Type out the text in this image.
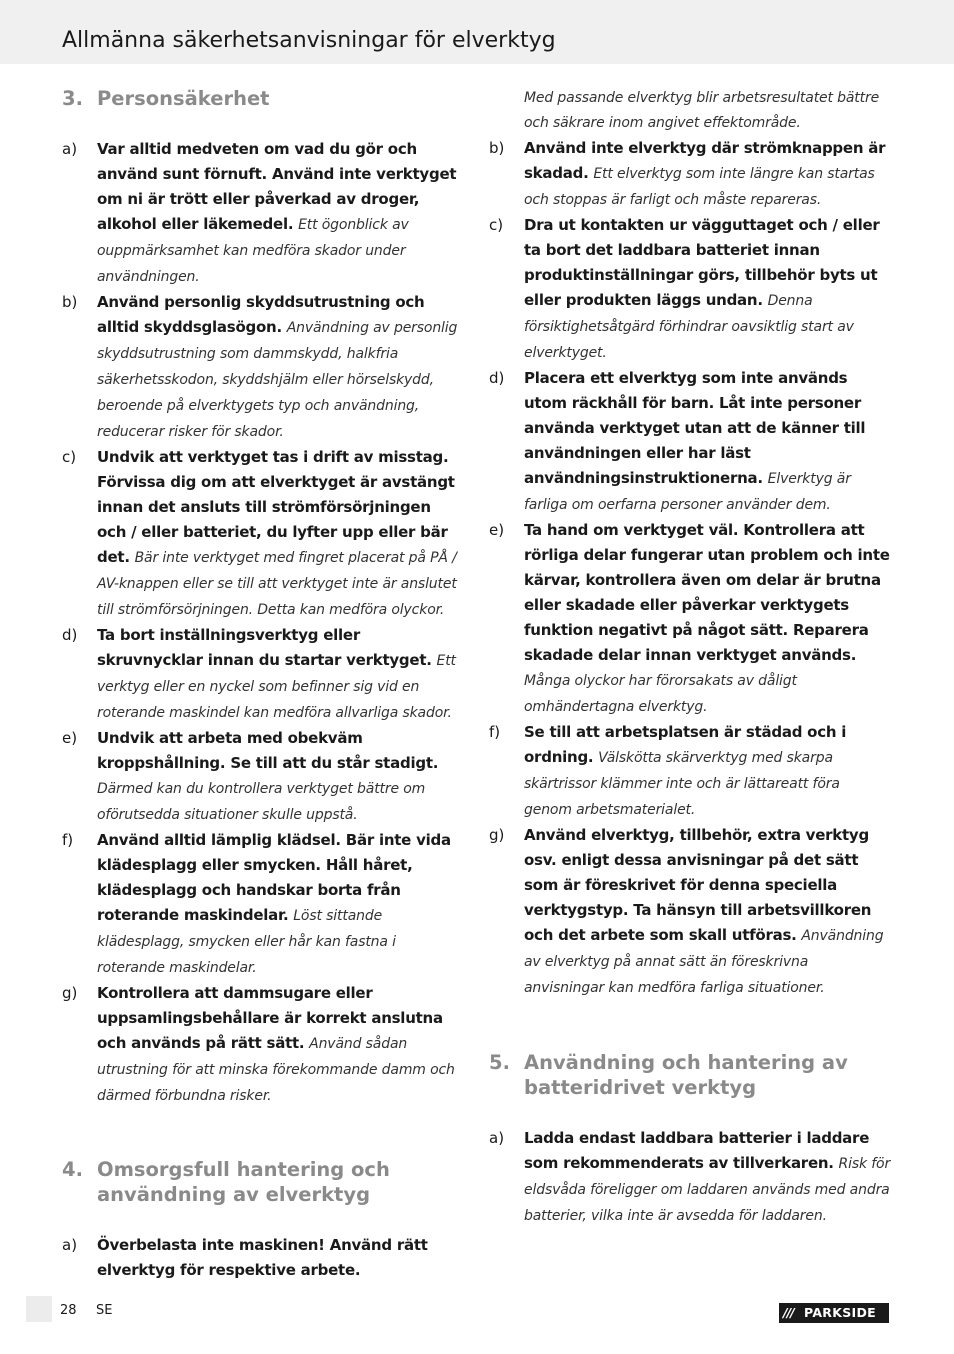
Allmänna säkerhetsanvisningar för elverktyg
3. Personsäkerhet
a) Var alltid medveten om vad du gör och använd sunt förnuft. Använd inte verktyget om ni är trött eller påverkad av droger, alkohol eller läkemedel. Ett ögonblick av ouppmärksamhet kan medföra skador under användningen.
b) Använd personlig skyddsutrustning och alltid skyddsglasögon. Användning av personlig skyddsutrustning som dammskydd, halkfria säkerhetsskodon, skyddshjälm eller hörselskydd, beroende på elverktygets typ och användning, reducerar risker för skador.
c) Undvik att verktyget tas i drift av misstag. Förvissa dig om att elverktyget är avstängt innan det ansluts till strömförsörjningen och / eller batteriet, du lyfter upp eller bär det. Bär inte verktyget med fingret placerat på PÅ / AV-knappen eller se till att verktyget inte är anslutet till strömförsörjningen. Detta kan medföra olyckor.
d) Ta bort inställningsverktyg eller skruvnycklar innan du startar verktyget. Ett verktyg eller en nyckel som befinner sig vid en roterande maskindel kan medföra allvarliga skador.
e) Undvik att arbeta med obekväm kroppshållning. Se till att du står stadigt. Därmed kan du kontrollera verktyget bättre om oförutsedda situationer skulle uppstå.
f) Använd alltid lämplig klädsel. Bär inte vida klädesplagg eller smycken. Håll håret, klädesplagg och handskar borta från roterande maskindelar. Löst sittande klädesplagg, smycken eller hår kan fastna i roterande maskindelar.
g) Kontrollera att dammsugare eller uppsamlingsbehållare är korrekt anslutna och används på rätt sätt. Använd sådan utrustning för att minska förekommande damm och därmed förbundna risker.
4. Omsorgsfull hantering och användning av elverktyg
a) Överbelasta inte maskinen! Använd rätt elverktyg för respektive arbete.
Med passande elverktyg blir arbetsresultatet bättre och säkrare inom angivet effektområde.
b) Använd inte elverktyg där strömknappen är skadad. Ett elverktyg som inte längre kan startas och stoppas är farligt och måste repareras.
c) Dra ut kontakten ur vägguttaget och / eller ta bort det laddbara batteriet innan produktinställningar görs, tillbehör byts ut eller produkten läggs undan. Denna försiktighetsåtgärd förhindrar oavsiktlig start av elverktyget.
d) Placera ett elverktyg som inte används utom räckhåll för barn. Låt inte personer använda verktyget utan att de känner till användningen eller har läst användningsinstruktionerna. Elverktyg är farliga om oerfarna personer använder dem.
e) Ta hand om verktyget väl. Kontrollera att rörliga delar fungerar utan problem och inte kärvar, kontrollera även om delar är brutna eller skadade eller påverkar verktygets funktion negativt på något sätt. Reparera skadade delar innan verktyget används. Många olyckor har förorsakats av dåligt omhändertagna elverktyg.
f) Se till att arbetsplatsen är städad och i ordning. Välskötta skärverktyg med skarpa skärtrissor klämmer inte och är lättareatt föra genom arbetsmaterialet.
g) Använd elverktyg, tillbehör, extra verktyg osv. enligt dessa anvisningar på det sätt som är föreskrivet för denna speciella verktygstyp. Ta hänsyn till arbetsvillkoren och det arbete som skall utföras. Användning av elverktyg på annat sätt än föreskrivna anvisningar kan medföra farliga situationer.
5. Användning och hantering av batteridrivet verktyg
a) Ladda endast laddbara batterier i laddare som rekommenderats av tillverkaren. Risk för eldsvåda föreligger om laddaren används med andra batterier, vilka inte är avsedda för laddaren.
28 SE	/// PARKSIDE
